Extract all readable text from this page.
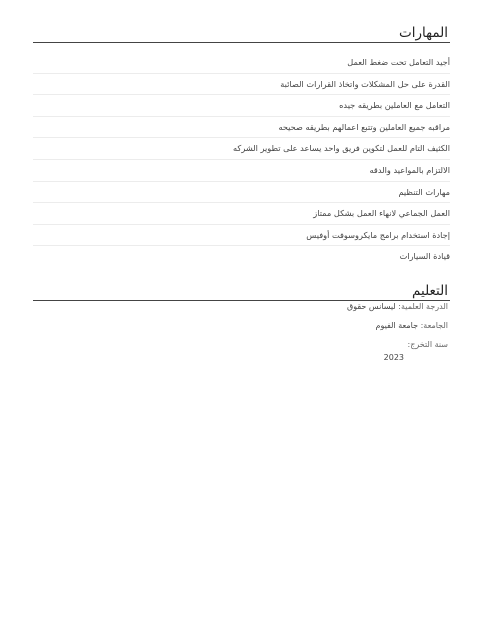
المهارات
أجيد التعامل تحت ضغط العمل
القدرة على حل المشكلات واتخاذ القرارات الصائبة
التعامل مع العاملين بطريقه جيده
مراقبه جميع العاملين وتتبع اعمالهم بطريقه صحيحه
الكثيف التام للعمل لتكوين فريق واحد يساعد على تطوير الشركه
الالتزام بالمواعيد والدقه
مهارات التنظيم
العمل الجماعي لانهاء العمل بشكل ممتاز
إجادة استخدام برامج مايكروسوفت أوفيس
قيادة السيارات
التعليم
الدرجة العلمية: ليسانس حقوق
الجامعة: جامعة الفيوم
سنة التخرج:
2023
